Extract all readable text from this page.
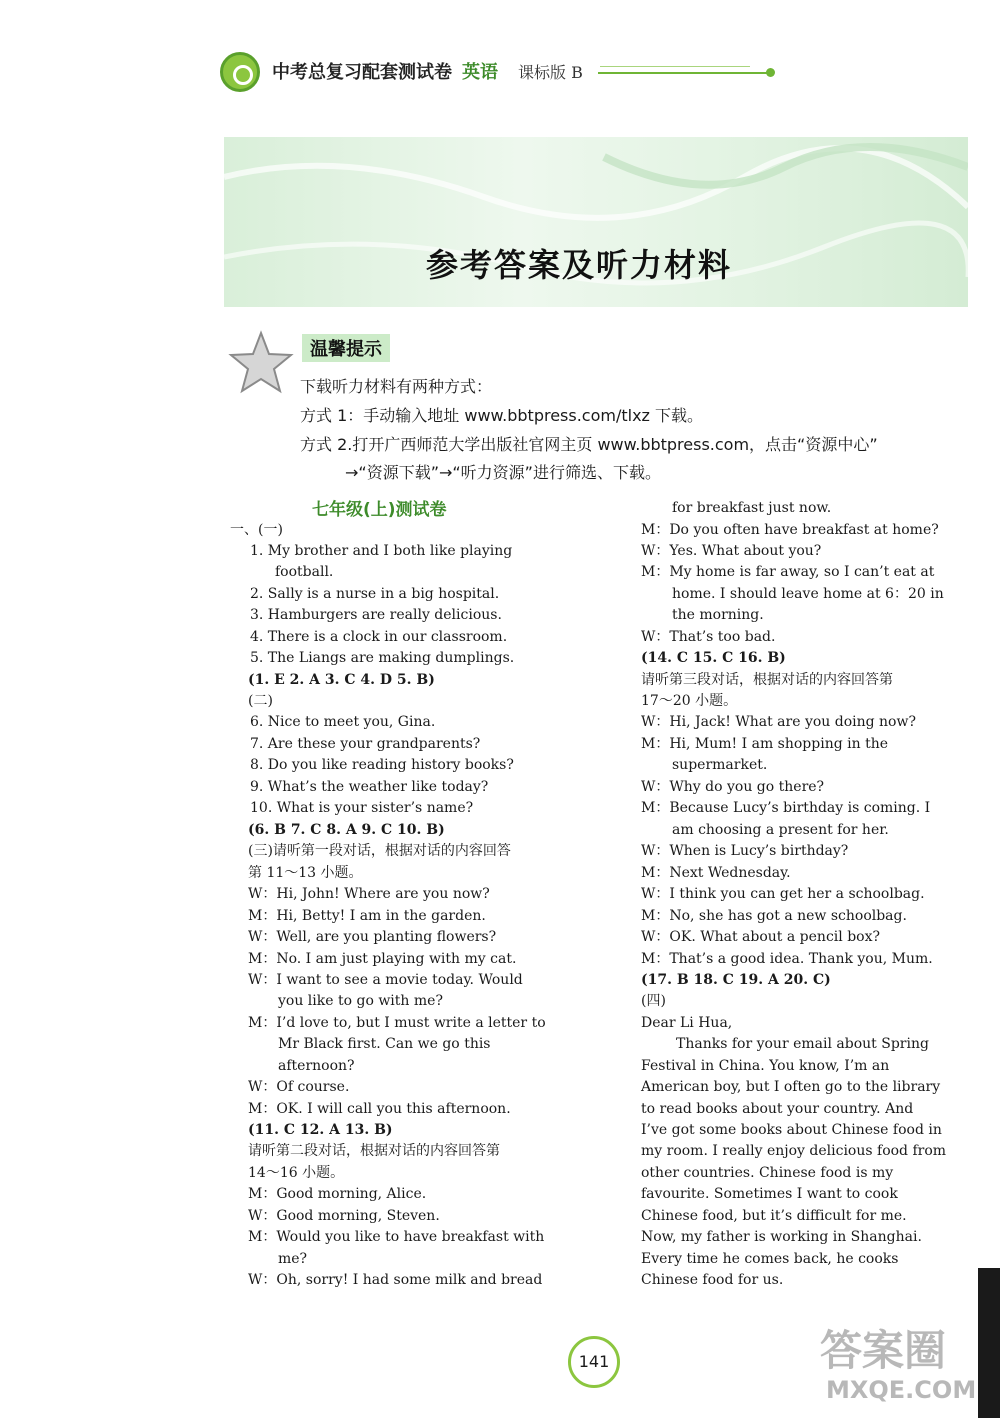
中考总复习配套测试卷 英语 课标版 B
参考答案及听力材料
温馨提示
下载听力材料有两种方式：
方式 1：手动输入地址 www.bbtpress.com/tlxz 下载。
方式 2.打开广西师范大学出版社官网主页 www.bbtpress.com，点击“资源中心”
→“资源下载”→“听力资源”进行筛选、下载。
七年级(上)测试卷
一、(一)
1. My brother and I both like playing
football.
2. Sally is a nurse in a big hospital.
3. Hamburgers are really delicious.
4. There is a clock in our classroom.
5. The Liangs are making dumplings.
(1. E 2. A 3. C 4. D 5. B)
(二)
6. Nice to meet you, Gina.
7. Are these your grandparents?
8. Do you like reading history books?
9. What’s the weather like today?
10. What is your sister’s name?
(6. B 7. C 8. A 9. C 10. B)
(三)请听第一段对话，根据对话的内容回答
第 11～13 小题。
W：Hi, John! Where are you now?
M：Hi, Betty! I am in the garden.
W：Well, are you planting flowers?
M：No. I am just playing with my cat.
W：I want to see a movie today. Would
you like to go with me?
M：I’d love to, but I must write a letter to
Mr Black first. Can we go this
afternoon?
W：Of course.
M：OK. I will call you this afternoon.
(11. C 12. A 13. B)
请听第二段对话，根据对话的内容回答第
14～16 小题。
M：Good morning, Alice.
W：Good morning, Steven.
M：Would you like to have breakfast with
me?
W：Oh, sorry! I had some milk and bread
for breakfast just now.
M：Do you often have breakfast at home?
W：Yes. What about you?
M：My home is far away, so I can’t eat at
home. I should leave home at 6：20 in
the morning.
W：That’s too bad.
(14. C 15. C 16. B)
请听第三段对话，根据对话的内容回答第
17～20 小题。
W：Hi, Jack! What are you doing now?
M：Hi, Mum! I am shopping in the
supermarket.
W：Why do you go there?
M：Because Lucy’s birthday is coming. I
am choosing a present for her.
W：When is Lucy’s birthday?
M：Next Wednesday.
W：I think you can get her a schoolbag.
M：No, she has got a new schoolbag.
W：OK. What about a pencil box?
M：That’s a good idea. Thank you, Mum.
(17. B 18. C 19. A 20. C)
(四)
Dear Li Hua,
Thanks for your email about Spring
Festival in China. You know, I’m an
American boy, but I often go to the library
to read books about your country. And
I’ve got some books about Chinese food in
my room. I really enjoy delicious food from
other countries. Chinese food is my
favourite. Sometimes I want to cook
Chinese food, but it’s difficult for me.
Now, my father is working in Shanghai.
Every time he comes back, he cooks
Chinese food for us.
141	答案圈
MXQE.COM
